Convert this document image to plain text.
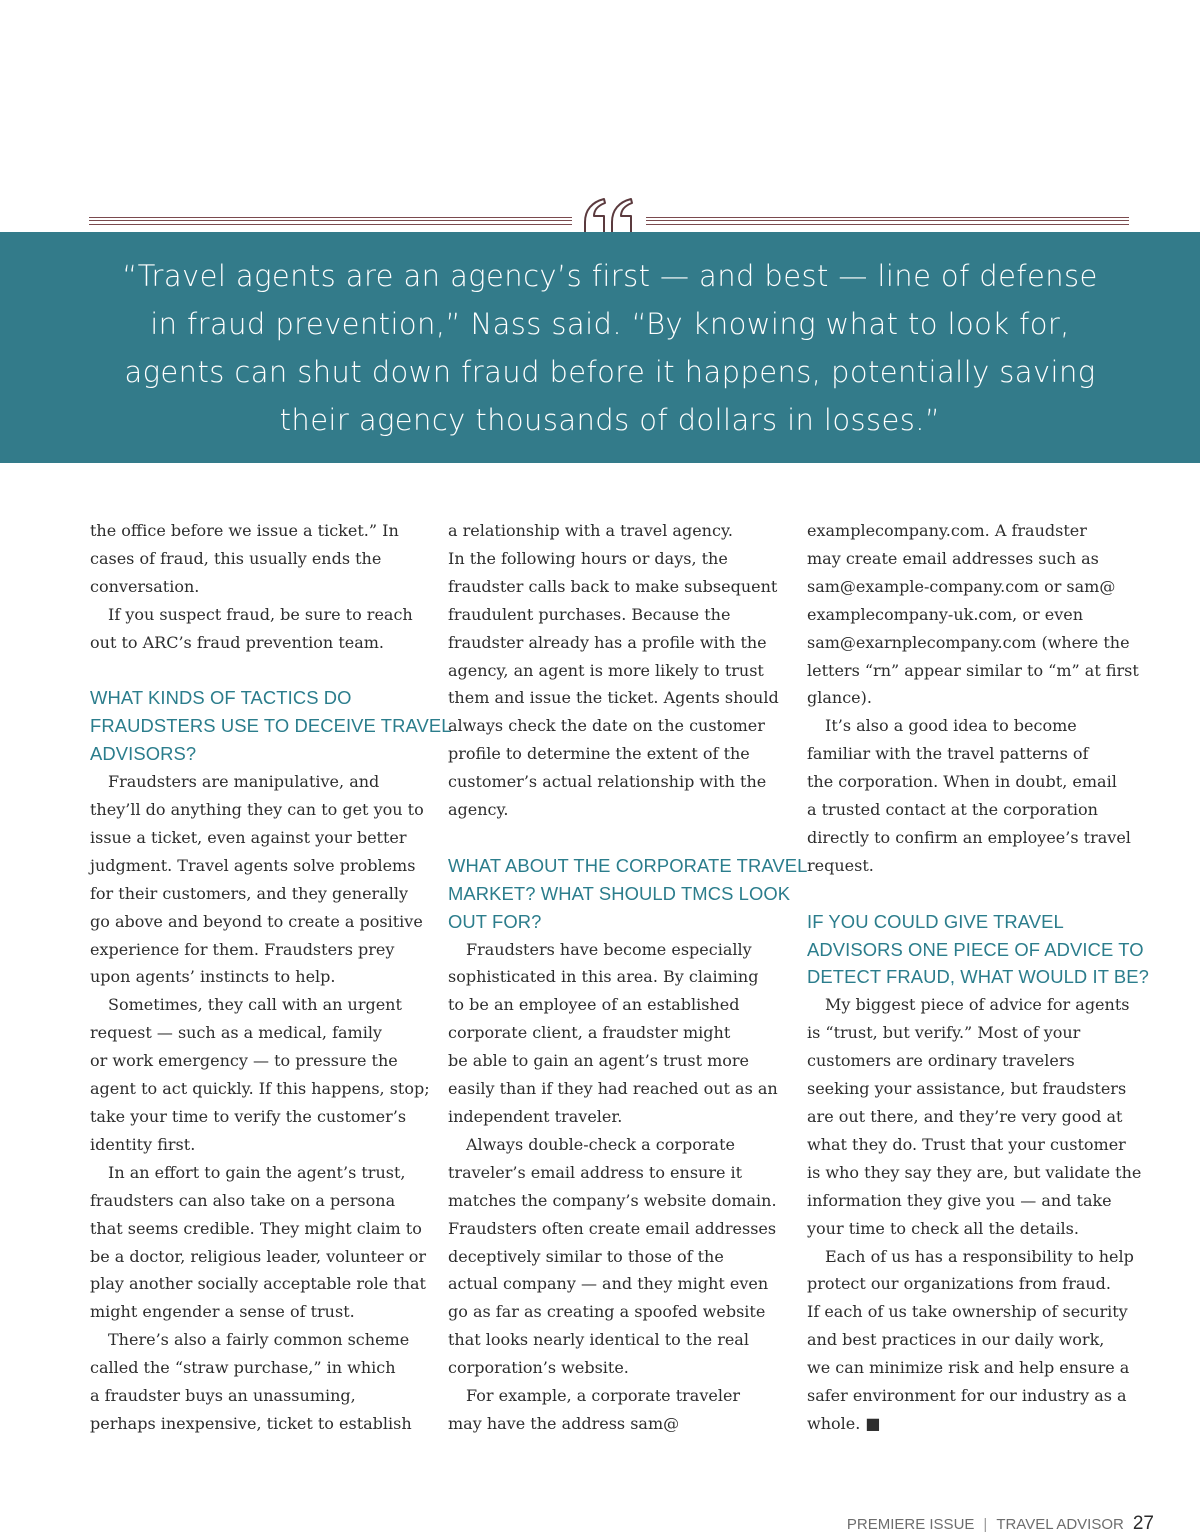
“Travel agents are an agency’s first — and best — line of defense
in fraud prevention,” Nass said. “By knowing what to look for,
agents can shut down fraud before it happens, potentially saving
their agency thousands of dollars in losses.”
the office before we issue a ticket.” In
cases of fraud, this usually ends the
conversation.
If you suspect fraud, be sure to reach
out to ARC’s fraud prevention team.
WHAT KINDS OF TACTICS DO
FRAUDSTERS USE TO DECEIVE TRAVEL
ADVISORS?
Fraudsters are manipulative, and
they’ll do anything they can to get you to
issue a ticket, even against your better
judgment. Travel agents solve problems
for their customers, and they generally
go above and beyond to create a positive
experience for them. Fraudsters prey
upon agents’ instincts to help.
Sometimes, they call with an urgent
request — such as a medical, family
or work emergency — to pressure the
agent to act quickly. If this happens, stop;
take your time to verify the customer’s
identity first.
In an effort to gain the agent’s trust,
fraudsters can also take on a persona
that seems credible. They might claim to
be a doctor, religious leader, volunteer or
play another socially acceptable role that
might engender a sense of trust.
There’s also a fairly common scheme
called the “straw purchase,” in which
a fraudster buys an unassuming,
perhaps inexpensive, ticket to establish
a relationship with a travel agency.
In the following hours or days, the
fraudster calls back to make subsequent
fraudulent purchases. Because the
fraudster already has a profile with the
agency, an agent is more likely to trust
them and issue the ticket. Agents should
always check the date on the customer
profile to determine the extent of the
customer’s actual relationship with the
agency.
WHAT ABOUT THE CORPORATE TRAVEL
MARKET? WHAT SHOULD TMCS LOOK
OUT FOR?
Fraudsters have become especially
sophisticated in this area. By claiming
to be an employee of an established
corporate client, a fraudster might
be able to gain an agent’s trust more
easily than if they had reached out as an
independent traveler.
Always double-check a corporate
traveler’s email address to ensure it
matches the company’s website domain.
Fraudsters often create email addresses
deceptively similar to those of the
actual company — and they might even
go as far as creating a spoofed website
that looks nearly identical to the real
corporation’s website.
For example, a corporate traveler
may have the address sam@
examplecompany.com. A fraudster
may create email addresses such as
sam@example-company.com or sam@
examplecompany-uk.com, or even
sam@exarnplecompany.com (where the
letters “rn” appear similar to “m” at first
glance).
It’s also a good idea to become
familiar with the travel patterns of
the corporation. When in doubt, email
a trusted contact at the corporation
directly to confirm an employee’s travel
request.
IF YOU COULD GIVE TRAVEL
ADVISORS ONE PIECE OF ADVICE TO
DETECT FRAUD, WHAT WOULD IT BE?
My biggest piece of advice for agents
is “trust, but verify.” Most of your
customers are ordinary travelers
seeking your assistance, but fraudsters
are out there, and they’re very good at
what they do. Trust that your customer
is who they say they are, but validate the
information they give you — and take
your time to check all the details.
Each of us has a responsibility to help
protect our organizations from fraud.
If each of us take ownership of security
and best practices in our daily work,
we can minimize risk and help ensure a
safer environment for our industry as a
whole. ■
PREMIERE ISSUE | TRAVEL ADVISOR 27
